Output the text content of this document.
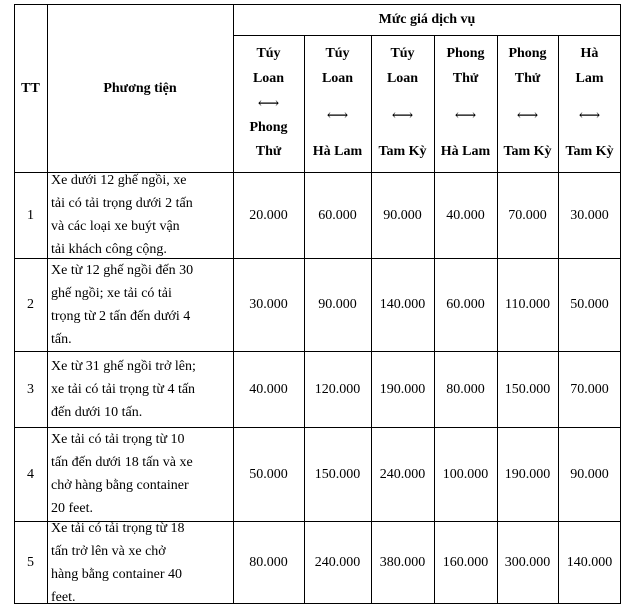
TT	Phương tiện
Mức giá dịch vụ
Túy
Loan
⟷
Phong
Thử
Túy
Loan
⟷
Hà Lam
Túy
Loan
⟷
Tam Kỳ
Phong
Thử
⟷
Hà Lam
Phong
Thử
⟷
Tam Kỳ
Hà
Lam
⟷
Tam Kỳ
1
Xe dưới 12 ghế ngồi, xe
tải có tải trọng dưới 2 tấn
và các loại xe buýt vận
tải khách công cộng.
20.000 60.000 90.000 40.000 70.000 30.000
2
Xe từ 12 ghế ngồi đến 30
ghế ngồi; xe tải có tải
trọng từ 2 tấn đến dưới 4
tấn.
30.000 90.000 140.000 60.000 110.000 50.000
3
Xe từ 31 ghế ngồi trở lên;
xe tải có tải trọng từ 4 tấn
đến dưới 10 tấn.
40.000 120.000 190.000 80.000 150.000 70.000
4
Xe tải có tải trọng từ 10
tấn đến dưới 18 tấn và xe
chở hàng bằng container
20 feet.
50.000 150.000 240.000 100.000 190.000 90.000
5
Xe tải có tải trọng từ 18
tấn trở lên và xe chở
hàng bằng container 40
feet.
80.000 240.000 380.000 160.000 300.000 140.000
